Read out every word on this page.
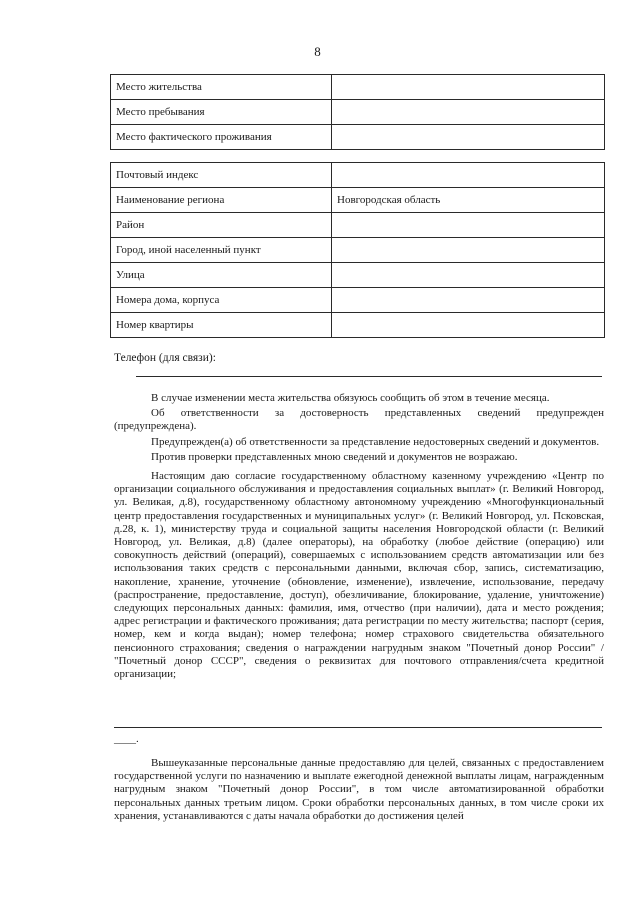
8
Место жительства	
Место пребывания	
Место фактического проживания	
Почтовый индекс	
Наименование региона	Новгородская область
Район	
Город, иной населенный пункт	
Улица	
Номера дома, корпуса	
Номер квартиры	
Телефон (для связи):

В случае изменении места жительства обязуюсь сообщить об этом в течение месяца.

Об ответственности за достоверность представленных сведений предупрежден (предупреждена).

Предупрежден(а) об ответственности за представление недостоверных сведений и документов.

Против проверки представленных мною сведений и документов не возражаю.

Настоящим даю согласие государственному областному казенному учреждению «Центр по организации социального обслуживания и предоставления социальных выплат» (г. Великий Новгород, ул. Великая, д.8), государственному областному автономному учреждению «Многофункциональный центр предоставления государственных и муниципальных услуг» (г. Великий Новгород, ул. Псковская, д.28, к. 1), министерству труда и социальной защиты населения Новгородской области (г. Великий Новгород, ул. Великая, д.8) (далее операторы), на обработку (любое действие (операцию) или совокупность действий (операций), совершаемых с использованием средств автоматизации или без использования таких средств с персональными данными, включая сбор, запись, систематизацию, накопление, хранение, уточнение (обновление, изменение), извлечение, использование, передачу (распространение, предоставление, доступ), обезличивание, блокирование, удаление, уничтожение) следующих персональных данных: фамилия, имя, отчество (при наличии), дата и место рождения; адрес регистрации и фактического проживания; дата регистрации по месту жительства; паспорт (серия, номер, кем и когда выдан); номер телефона; номер страхового свидетельства обязательного пенсионного страхования; сведения о награждении нагрудным знаком "Почетный донор России" / "Почетный донор СССР", сведения о реквизитах для почтового отправления/счета кредитной организации;

____.

Вышеуказанные персональные данные предоставляю для целей, связанных с предоставлением государственной услуги по назначению и выплате ежегодной денежной выплаты лицам, награжденным нагрудным знаком "Почетный донор России", в том числе автоматизированной обработки персональных данных третьим лицом. Сроки обработки персональных данных, в том числе сроки их хранения, устанавливаются с даты начала обработки до достижения целей
